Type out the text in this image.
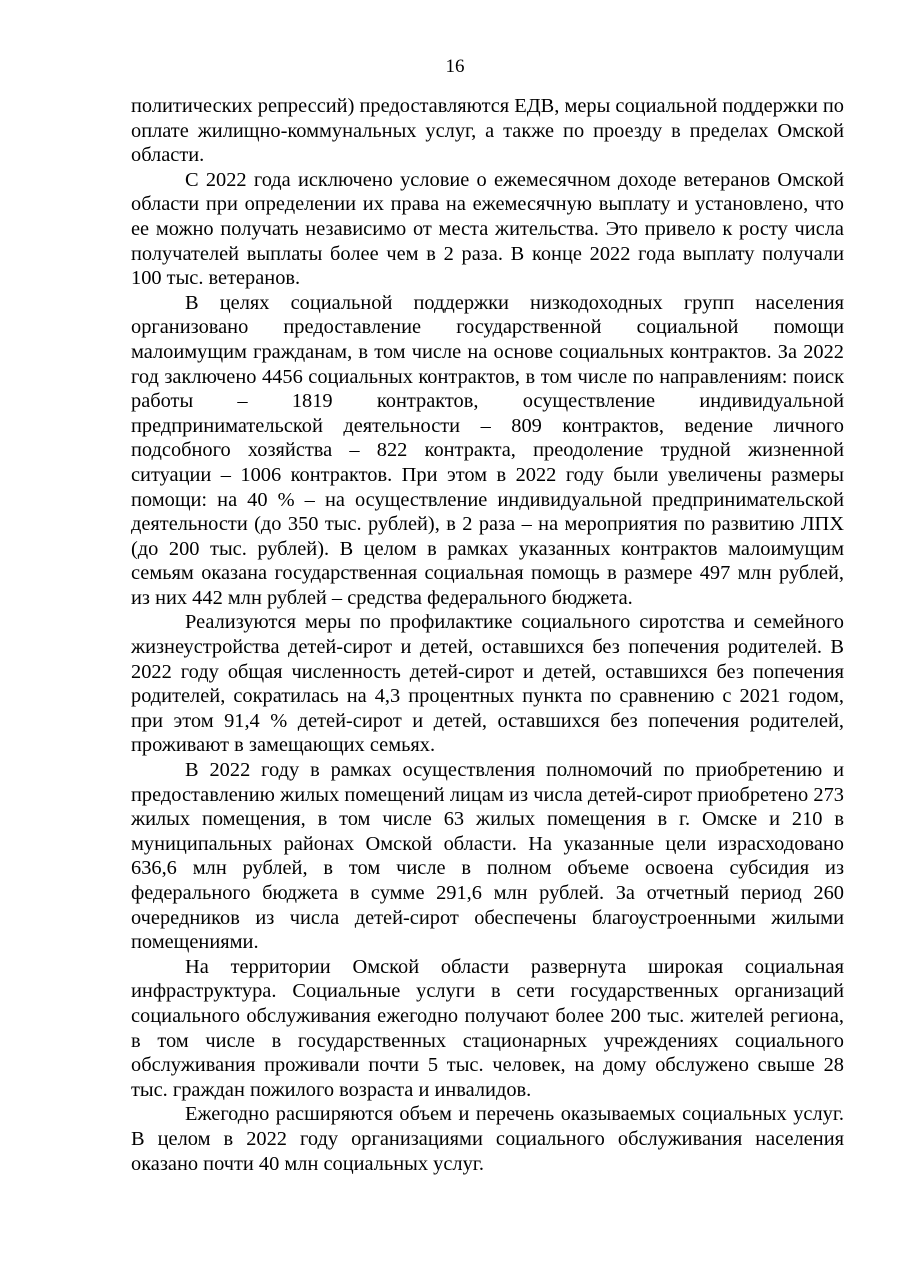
16

политических репрессий) предоставляются ЕДВ, меры социальной поддержки по оплате жилищно-коммунальных услуг, а также по проезду в пределах Омской области.

С 2022 года исключено условие о ежемесячном доходе ветеранов Омской области при определении их права на ежемесячную выплату и установлено, что ее можно получать независимо от места жительства. Это привело к росту числа получателей выплаты более чем в 2 раза. В конце 2022 года выплату получали 100 тыс. ветеранов.

В целях социальной поддержки низкодоходных групп населения организовано предоставление государственной социальной помощи малоимущим гражданам, в том числе на основе социальных контрактов. За 2022 год заключено 4456 социальных контрактов, в том числе по направлениям: поиск работы – 1819 контрактов, осуществление индивидуальной предпринимательской деятельности – 809 контрактов, ведение личного подсобного хозяйства – 822 контракта, преодоление трудной жизненной ситуации – 1006 контрактов. При этом в 2022 году были увеличены размеры помощи: на 40 % – на осуществление индивидуальной предпринимательской деятельности (до 350 тыс. рублей), в 2 раза – на мероприятия по развитию ЛПХ (до 200 тыс. рублей). В целом в рамках указанных контрактов малоимущим семьям оказана государственная социальная помощь в размере 497 млн рублей, из них 442 млн рублей – средства федерального бюджета.

Реализуются меры по профилактике социального сиротства и семейного жизнеустройства детей-сирот и детей, оставшихся без попечения родителей. В 2022 году общая численность детей-сирот и детей, оставшихся без попечения родителей, сократилась на 4,3 процентных пункта по сравнению с 2021 годом, при этом 91,4 % детей-сирот и детей, оставшихся без попечения родителей, проживают в замещающих семьях.

В 2022 году в рамках осуществления полномочий по приобретению и предоставлению жилых помещений лицам из числа детей-сирот приобретено 273 жилых помещения, в том числе 63 жилых помещения в г. Омске и 210 в муниципальных районах Омской области. На указанные цели израсходовано 636,6 млн рублей, в том числе в полном объеме освоена субсидия из федерального бюджета в сумме 291,6 млн рублей. За отчетный период 260 очередников из числа детей-сирот обеспечены благоустроенными жилыми помещениями.

На территории Омской области развернута широкая социальная инфраструктура. Социальные услуги в сети государственных организаций социального обслуживания ежегодно получают более 200 тыс. жителей региона, в том числе в государственных стационарных учреждениях социального обслуживания проживали почти 5 тыс. человек, на дому обслужено свыше 28 тыс. граждан пожилого возраста и инвалидов.

Ежегодно расширяются объем и перечень оказываемых социальных услуг. В целом в 2022 году организациями социального обслуживания населения оказано почти 40 млн социальных услуг.
